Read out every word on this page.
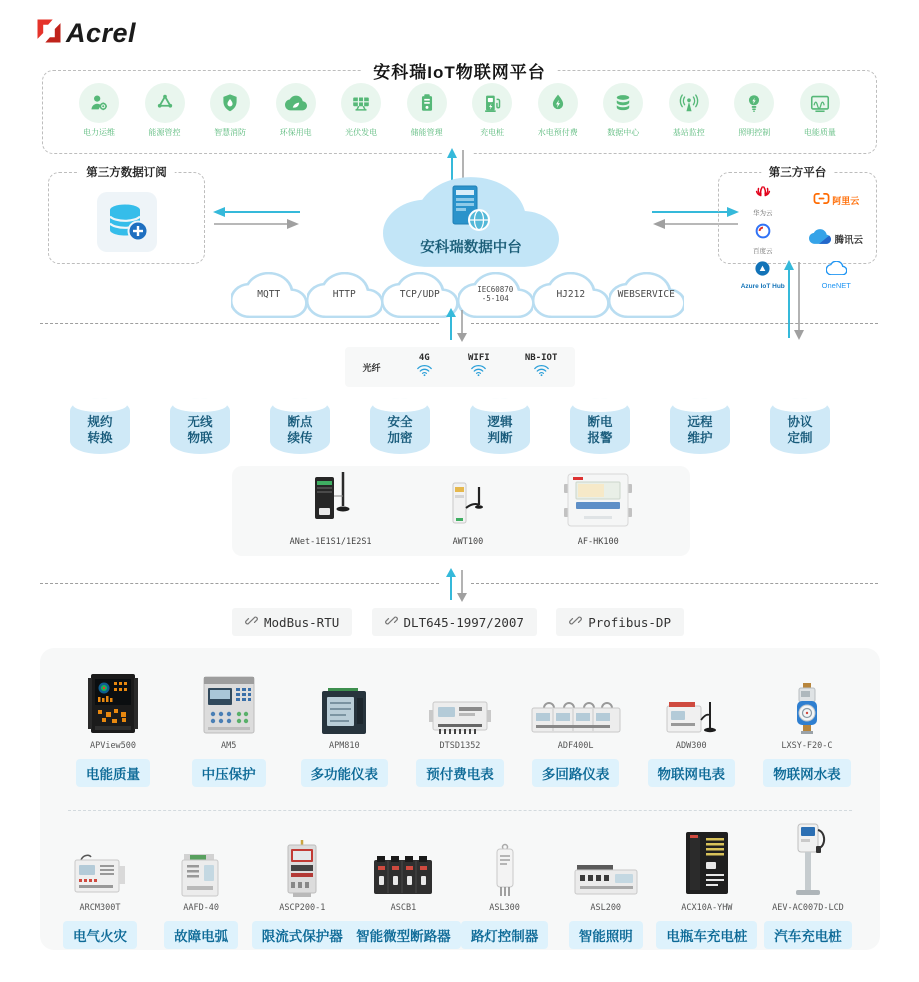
Acrel
安科瑞IoT物联网平台
电力运维	能源管控	智慧消防	环保用电	光伏发电	储能管理	充电桩	水电预付费	数据中心	基站监控	照明控制	电能质量
第三方数据订阅
安科瑞数据中台
第三方平台
华为云
阿里云
百度云
腾讯云
Azure IoT Hub	OneNET
MQTT	HTTP	TCP/UDP	IEC60870
-5-104	HJ212	WEBSERVICE
光纤
4G	WIFI	NB-IOT
规约
转换
无线
物联
断点
续传
安全
加密
逻辑
判断
断电
报警
远程
维护
协议
定制
ANet-1E1S1/1E2S1	AWT100	AF-HK100
ModBus-RTU	DLT645-1997/2007	Profibus-DP
APView500
电能质量
AM5
中压保护
APM810
多功能仪表
DTSD1352
预付费电表
ADF400L
多回路仪表
ADW300
物联网电表
LXSY-F20-C
物联网水表
ARCM300T
电气火灾
AAFD-40
故障电弧
ASCP200-1
限流式保护器
ASCB1
智能微型断路器
ASL300
路灯控制器
ASL200
智能照明
ACX10A-YHW
电瓶车充电桩
AEV-AC007D-LCD
汽车充电桩
